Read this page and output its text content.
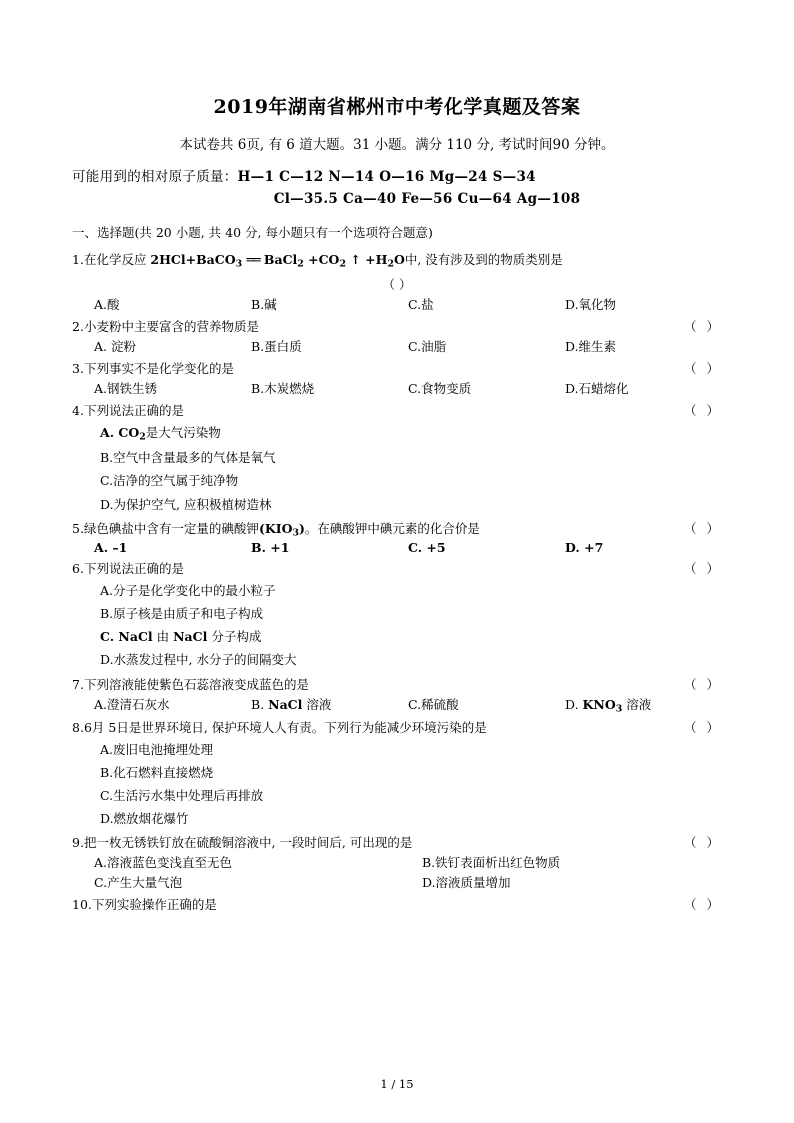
2019年湖南省郴州市中考化学真题及答案
本试卷共 6页, 有 6 道大题。31 小题。满分 110 分, 考试时间90 分钟。
可能用到的相对原子质量：H—1 C—12 N—14 O—16 Mg—24 S—34
Cl—35.5 Ca—40 Fe—56 Cu—64 Ag—108
一、选择题(共 20 小题, 共 40 分, 每小题只有一个选项符合题意)
1.在化学反应 2HCl+BaCO$_3$ ══ BaCl$_2$ $+CO_2$ ↑ $+H_2O$中, 没有涉及到的物质类别是
（ ）
A.酸	B.碱	C.盐	D.氧化物
2.小麦粉中主要富含的营养物质是	（ ）
A. 淀粉	B.蛋白质	C.油脂	D.维生素
3.下列事实不是化学变化的是	（ ）
A.钢铁生锈	B.木炭燃烧	C.食物变质	D.石蜡熔化
4.下列说法正确的是	（ ）
A. $CO_2$是大气污染物
B.空气中含量最多的气体是氧气
C.洁净的空气属于纯净物
D.为保护空气, 应积极植树造林
5.绿色碘盐中含有一定量的碘酸钾$(KIO_3)$。在碘酸钾中碘元素的化合价是	（ ）
A. –1	B. +1	C. +5	D. +7
6.下列说法正确的是	（ ）
A.分子是化学变化中的最小粒子
B.原子核是由质子和电子构成
C. NaCl 由 NaCl 分子构成
D.水蒸发过程中, 水分子的间隔变大
7.下列溶液能使紫色石蕊溶液变成蓝色的是	（ ）
A.澄清石灰水	B. NaCl 溶液	C.稀硫酸	D. $KNO_3$ 溶液
8.6月 5日是世界环境日, 保护环境人人有责。下列行为能减少环境污染的是	（ ）
A.废旧电池掩埋处理
B.化石燃料直接燃烧
C.生活污水集中处理后再排放
D.燃放烟花爆竹
9.把一枚无锈铁钉放在硫酸铜溶液中, 一段时间后, 可出现的是	（ ）
A.溶液蓝色变浅直至无色	B.铁钉表面析出红色物质
C.产生大量气泡	D.溶液质量增加
10.下列实验操作正确的是	（ ）
1 / 15
